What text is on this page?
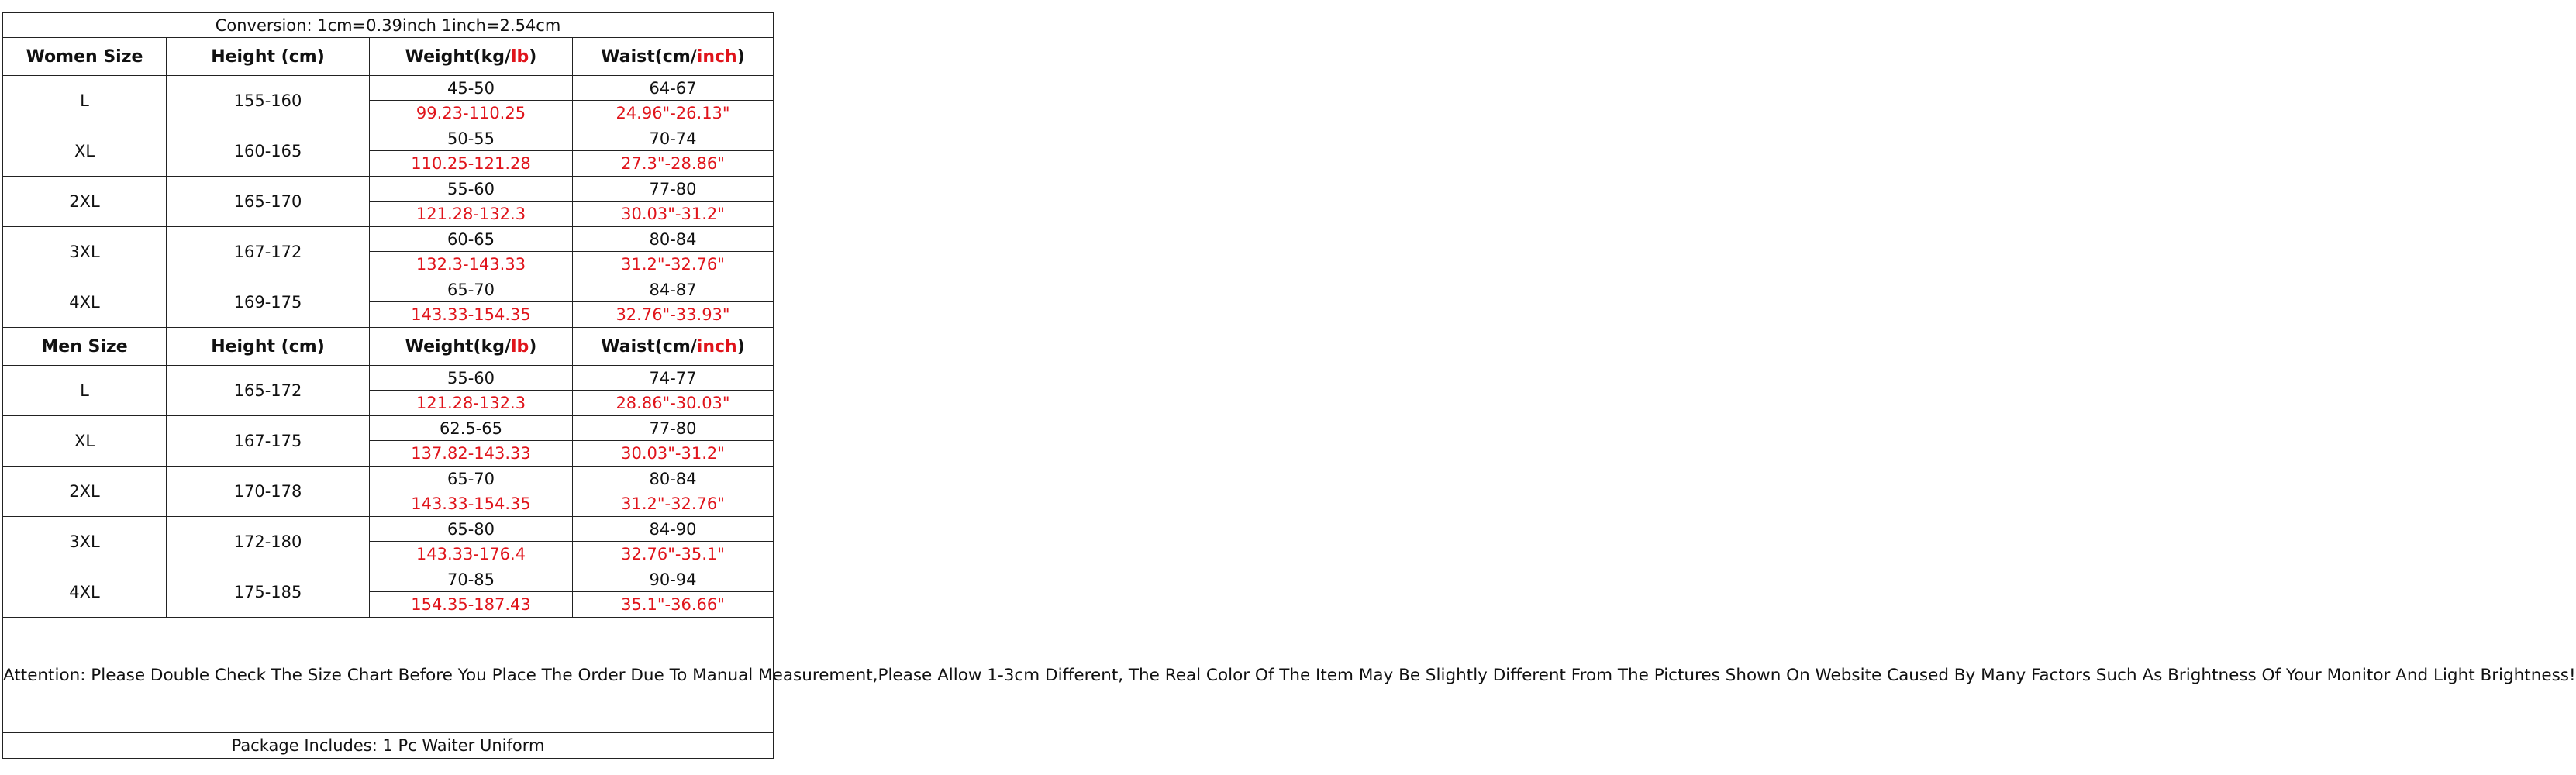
Conversion: 1cm=0.39inch 1inch=2.54cm			
Women Size	Height (cm)	Weight(kg/lb)	Waist(cm/inch)
L	155-160	45-50	64-67
		99.23-110.25	24.96"-26.13"
XL	160-165	50-55	70-74
		110.25-121.28	27.3"-28.86"
2XL	165-170	55-60	77-80
		121.28-132.3	30.03"-31.2"
3XL	167-172	60-65	80-84
		132.3-143.33	31.2"-32.76"
4XL	169-175	65-70	84-87
		143.33-154.35	32.76"-33.93"
Men Size	Height (cm)	Weight(kg/lb)	Waist(cm/inch)
L	165-172	55-60	74-77
		121.28-132.3	28.86"-30.03"
XL	167-175	62.5-65	77-80
		137.82-143.33	30.03"-31.2"
2XL	170-178	65-70	80-84
		143.33-154.35	31.2"-32.76"
3XL	172-180	65-80	84-90
		143.33-176.4	32.76"-35.1"
4XL	175-185	70-85	90-94
		154.35-187.43	35.1"-36.66"
Attention: Please Double Check The Size Chart Before You Place The Order Due To Manual Measurement,Please Allow 1-3cm Different, The Real Color Of The Item May Be Slightly Different From The Pictures Shown On Website Caused By Many Factors Such As Brightness Of Your Monitor And Light Brightness!			
Package Includes: 1 Pc Waiter Uniform			
